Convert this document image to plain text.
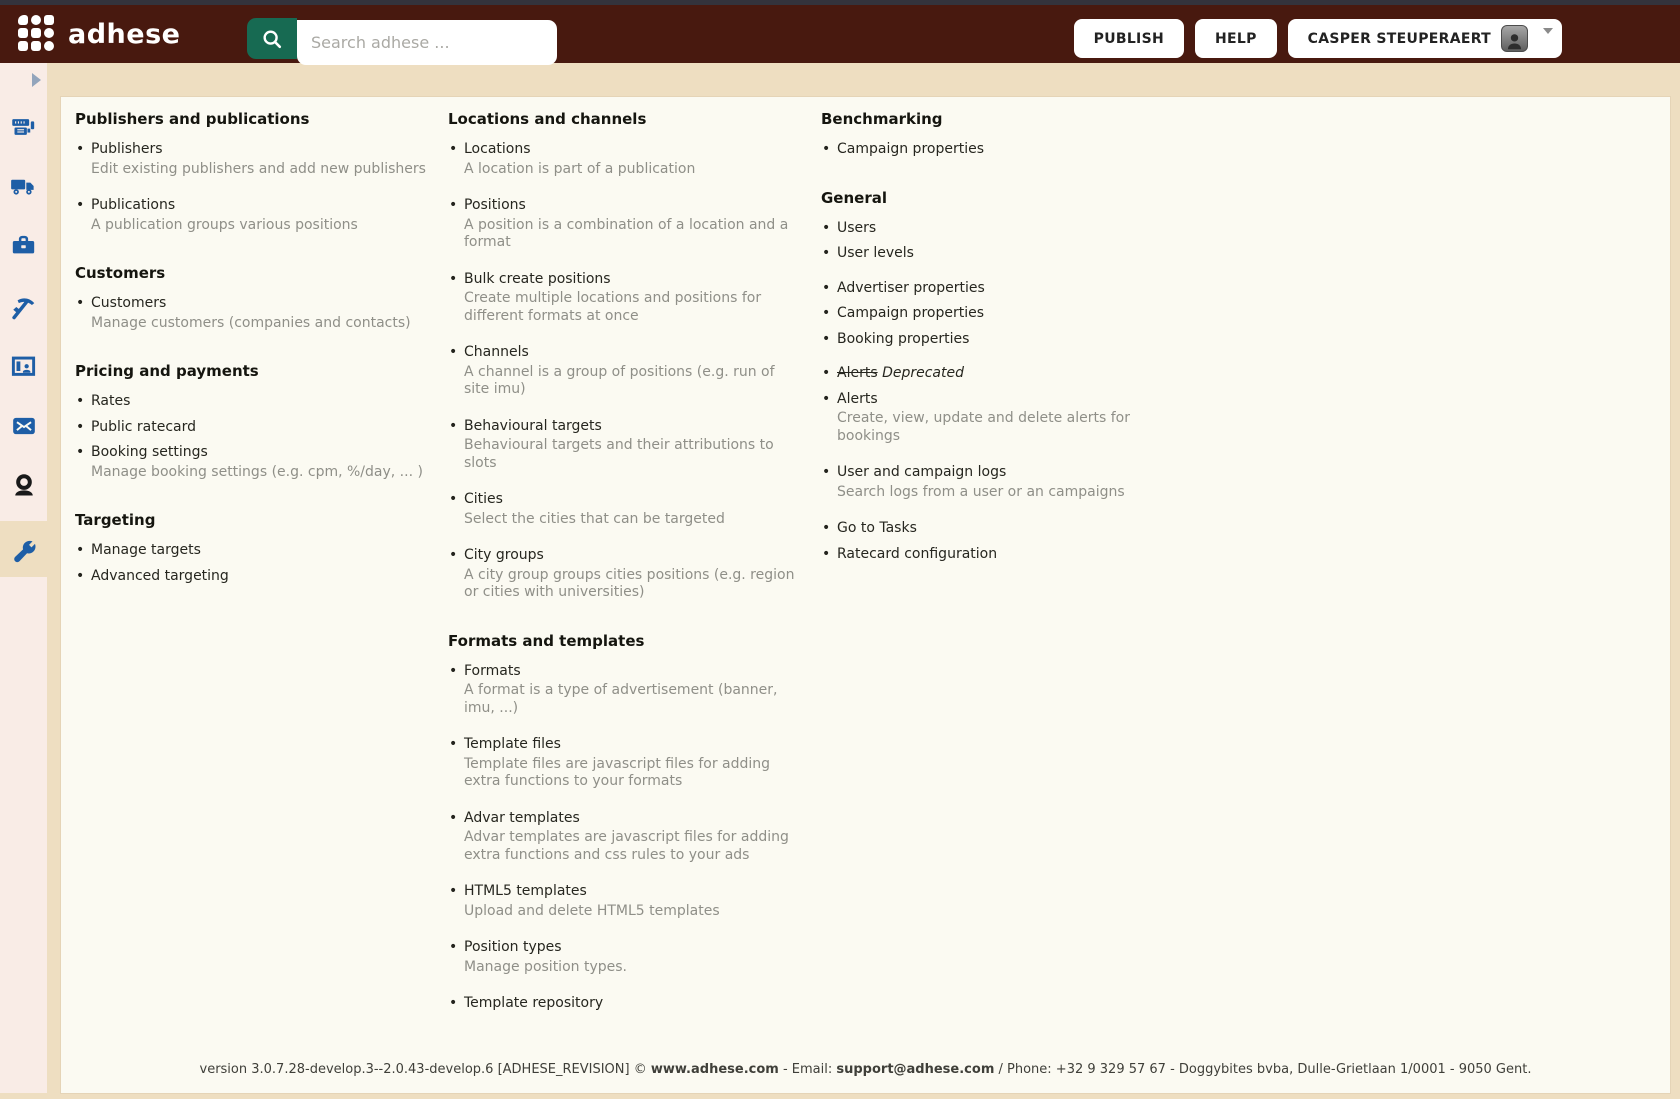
adhese
Search adhese ...	PUBLISH	HELP	CASPER STEUPERAERT
Publishers and publications
• Publishers
Edit existing publishers and add new publishers
• Publications
A publication groups various positions
Customers
• Customers
Manage customers (companies and contacts)
Pricing and payments
• Rates
• Public ratecard
• Booking settings
Manage booking settings (e.g. cpm, %/day, ... )
Targeting
• Manage targets
• Advanced targeting
Locations and channels
• Locations
A location is part of a publication
• Positions
A position is a combination of a location and a format
• Bulk create positions
Create multiple locations and positions for different formats at once
• Channels
A channel is a group of positions (e.g. run of site imu)
• Behavioural targets
Behavioural targets and their attributions to slots
• Cities
Select the cities that can be targeted
• City groups
A city group groups cities positions (e.g. region or cities with universities)
Formats and templates
• Formats
A format is a type of advertisement (banner, imu, ...)
• Template files
Template files are javascript files for adding extra functions to your formats
• Advar templates
Advar templates are javascript files for adding extra functions and css rules to your ads
• HTML5 templates
Upload and delete HTML5 templates
• Position types
Manage position types.
• Template repository
Benchmarking
• Campaign properties
General
• Users
• User levels
• Advertiser properties
• Campaign properties
• Booking properties
• Alerts Deprecated
• Alerts
Create, view, update and delete alerts for bookings
• User and campaign logs
Search logs from a user or an campaigns
• Go to Tasks
• Ratecard configuration
version 3.0.7.28-develop.3--2.0.43-develop.6 [ADHESE_REVISION] © www.adhese.com - Email: support@adhese.com / Phone: +32 9 329 57 67 - Doggybites bvba, Dulle-Grietlaan 1/0001 - 9050 Gent.
